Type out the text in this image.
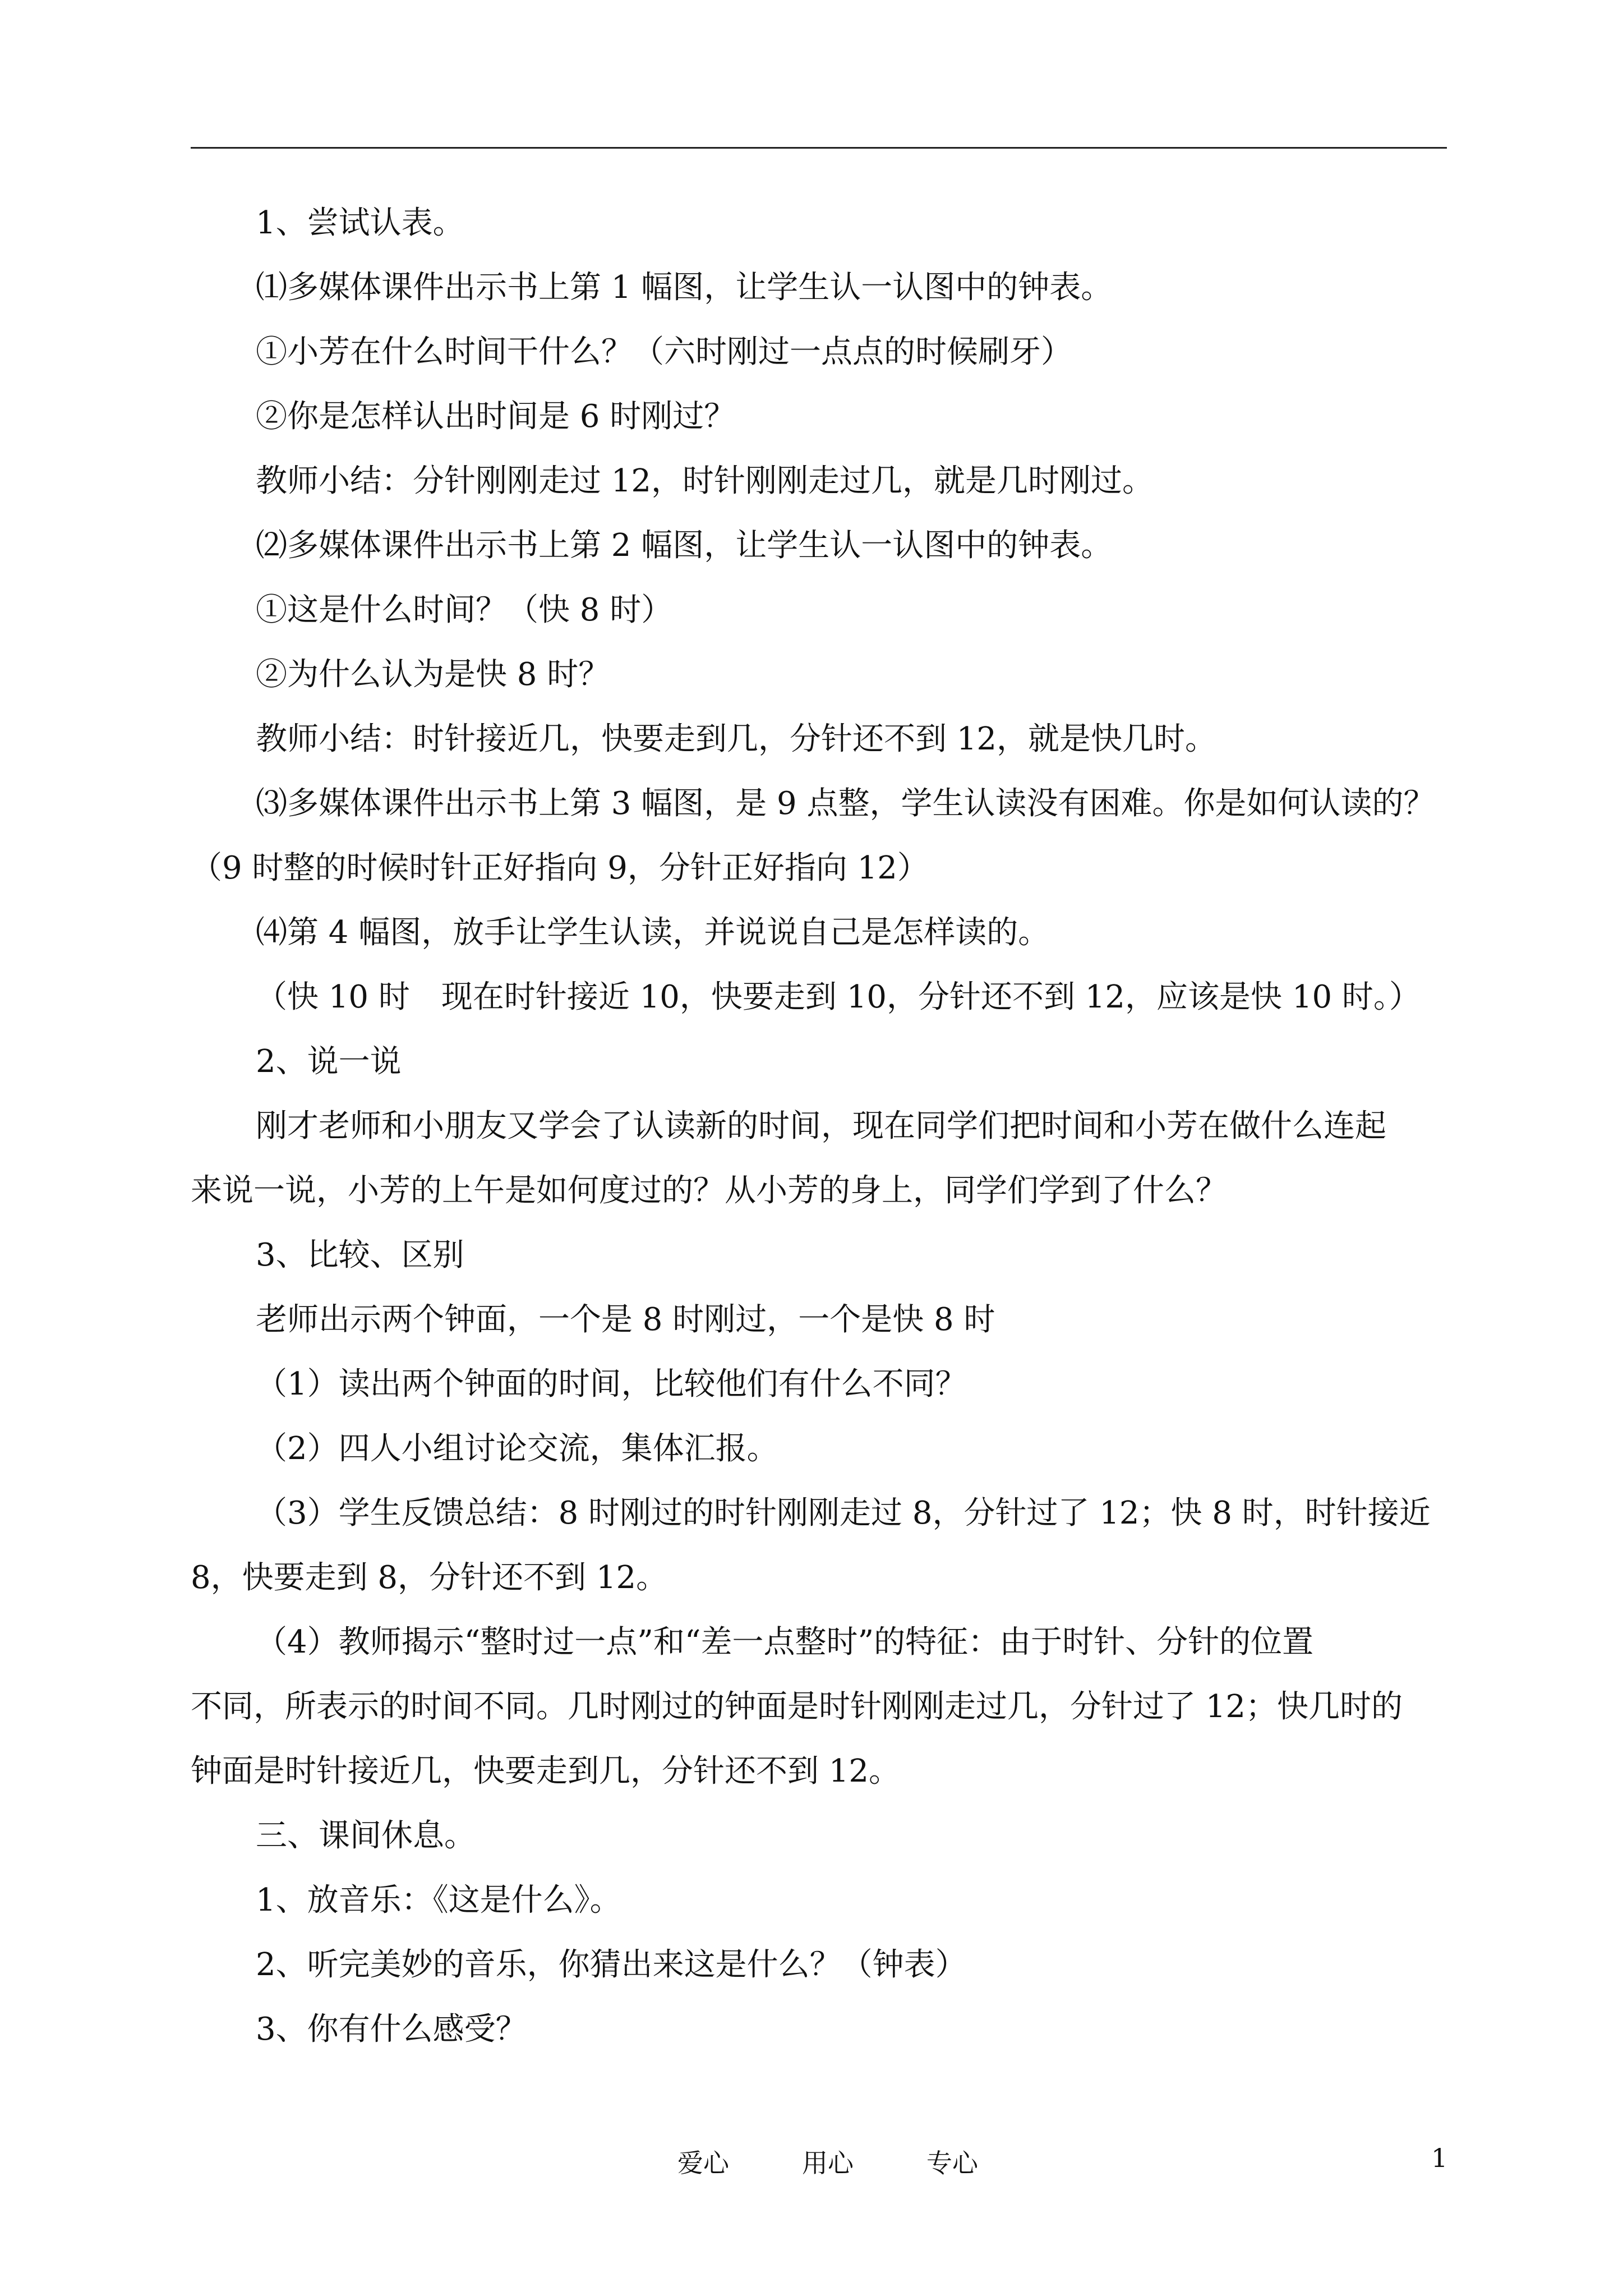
1、尝试认表。

⑴多媒体课件出示书上第 1 幅图，让学生认一认图中的钟表。

①小芳在什么时间干什么？（六时刚过一点点的时候刷牙）

②你是怎样认出时间是 6 时刚过？

教师小结：分针刚刚走过 12，时针刚刚走过几，就是几时刚过。

⑵多媒体课件出示书上第 2 幅图，让学生认一认图中的钟表。

①这是什么时间？（快 8 时）

②为什么认为是快 8 时？

教师小结：时针接近几，快要走到几，分针还不到 12，就是快几时。

⑶多媒体课件出示书上第 3 幅图，是 9 点整，学生认读没有困难。你是如何认读的？

（9 时整的时候时针正好指向 9，分针正好指向 12）

⑷第 4 幅图，放手让学生认读，并说说自己是怎样读的。

（快 10 时　现在时针接近 10，快要走到 10，分针还不到 12，应该是快 10 时。）

2、说一说

刚才老师和小朋友又学会了认读新的时间，现在同学们把时间和小芳在做什么连起

来说一说，小芳的上午是如何度过的？从小芳的身上，同学们学到了什么？

3、比较、区别

老师出示两个钟面，一个是 8 时刚过，一个是快 8 时

（1）读出两个钟面的时间，比较他们有什么不同？

（2）四人小组讨论交流，集体汇报。

（3）学生反馈总结：8 时刚过的时针刚刚走过 8，分针过了 12；快 8 时，时针接近

8，快要走到 8，分针还不到 12。

（4）教师揭示“整时过一点”和“差一点整时”的特征：由于时针、分针的位置

不同，所表示的时间不同。几时刚过的钟面是时针刚刚走过几，分针过了 12；快几时的

钟面是时针接近几，快要走到几，分针还不到 12。

三、课间休息。

1、放音乐：《这是什么》。

2、听完美妙的音乐，你猜出来这是什么？（钟表）

3、你有什么感受？

爱心	用心	专心	1
